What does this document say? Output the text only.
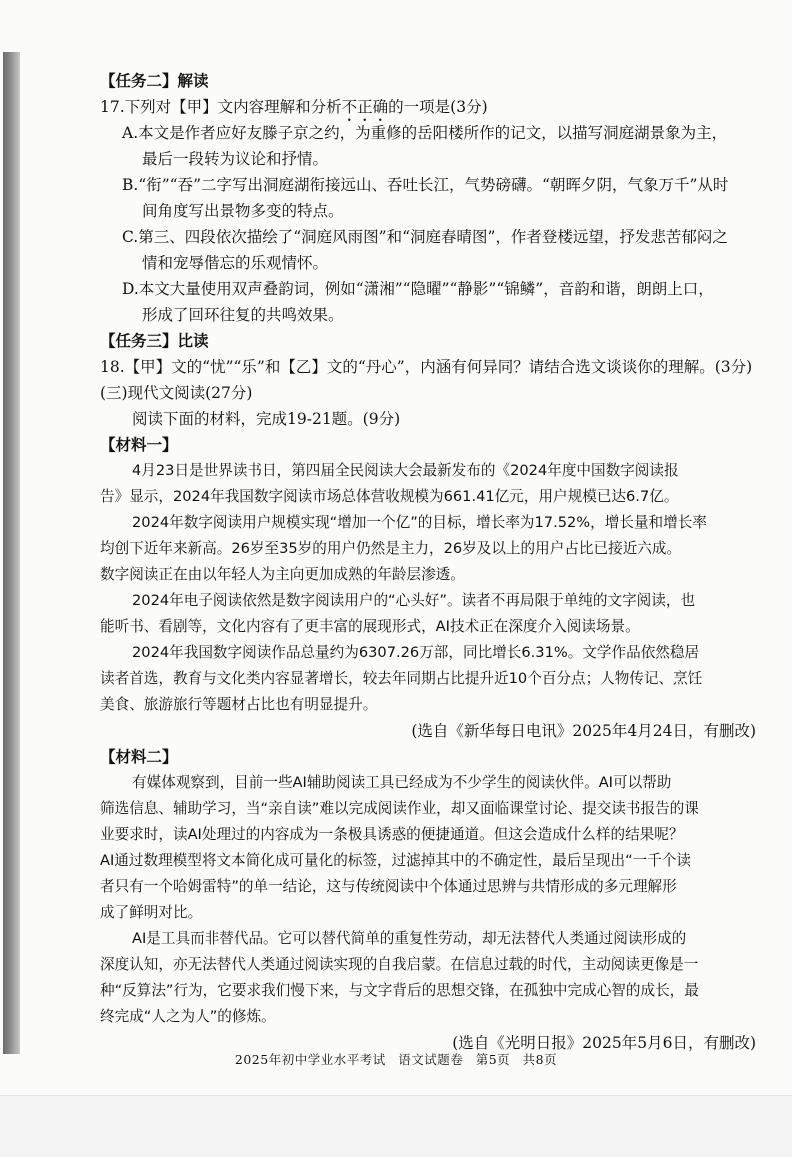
【任务二】解读
17.下列对【甲】文内容理解和分析不正确的一项是(3分)
A.本文是作者应好友滕子京之约，为重修的岳阳楼所作的记文，以描写洞庭湖景象为主，
最后一段转为议论和抒情。
B.“衔”“吞”二字写出洞庭湖衔接远山、吞吐长江，气势磅礴。“朝晖夕阴，气象万千”从时
间角度写出景物多变的特点。
C.第三、四段依次描绘了“洞庭风雨图”和“洞庭春晴图”，作者登楼远望，抒发悲苦郁闷之
情和宠辱偕忘的乐观情怀。
D.本文大量使用双声叠韵词，例如“潇湘”“隐曜”“静影”“锦鳞”，音韵和谐，朗朗上口，
形成了回环往复的共鸣效果。
【任务三】比读
18.【甲】文的“忧”“乐”和【乙】文的“丹心”，内涵有何异同？请结合选文谈谈你的理解。(3分)
(三)现代文阅读(27分)
阅读下面的材料，完成19-21题。(9分)
【材料一】
4月23日是世界读书日，第四届全民阅读大会最新发布的《2024年度中国数字阅读报
告》显示，2024年我国数字阅读市场总体营收规模为661.41亿元，用户规模已达6.7亿。
2024年数字阅读用户规模实现“增加一个亿”的目标，增长率为17.52%，增长量和增长率
均创下近年来新高。26岁至35岁的用户仍然是主力，26岁及以上的用户占比已接近六成。
数字阅读正在由以年轻人为主向更加成熟的年龄层渗透。
2024年电子阅读依然是数字阅读用户的“心头好”。读者不再局限于单纯的文字阅读，也
能听书、看剧等，文化内容有了更丰富的展现形式，AI技术正在深度介入阅读场景。
2024年我国数字阅读作品总量约为6307.26万部，同比增长6.31%。文学作品依然稳居
读者首选，教育与文化类内容显著增长，较去年同期占比提升近10个百分点；人物传记、烹饪
美食、旅游旅行等题材占比也有明显提升。
(选自《新华每日电讯》2025年4月24日，有删改)
【材料二】
有媒体观察到，目前一些AI辅助阅读工具已经成为不少学生的阅读伙伴。AI可以帮助
筛选信息、辅助学习，当“亲自读”难以完成阅读作业，却又面临课堂讨论、提交读书报告的课
业要求时，读AI处理过的内容成为一条极具诱惑的便捷通道。但这会造成什么样的结果呢？
AI通过数理模型将文本简化成可量化的标签，过滤掉其中的不确定性，最后呈现出“一千个读
者只有一个哈姆雷特”的单一结论，这与传统阅读中个体通过思辨与共情形成的多元理解形
成了鲜明对比。
AI是工具而非替代品。它可以替代简单的重复性劳动，却无法替代人类通过阅读形成的
深度认知，亦无法替代人类通过阅读实现的自我启蒙。在信息过载的时代，主动阅读更像是一
种“反算法”行为，它要求我们慢下来，与文字背后的思想交锋，在孤独中完成心智的成长，最
终完成“人之为人”的修炼。
(选自《光明日报》2025年5月6日，有删改)
2025年初中学业水平考试 语文试题卷 第5页 共8页
